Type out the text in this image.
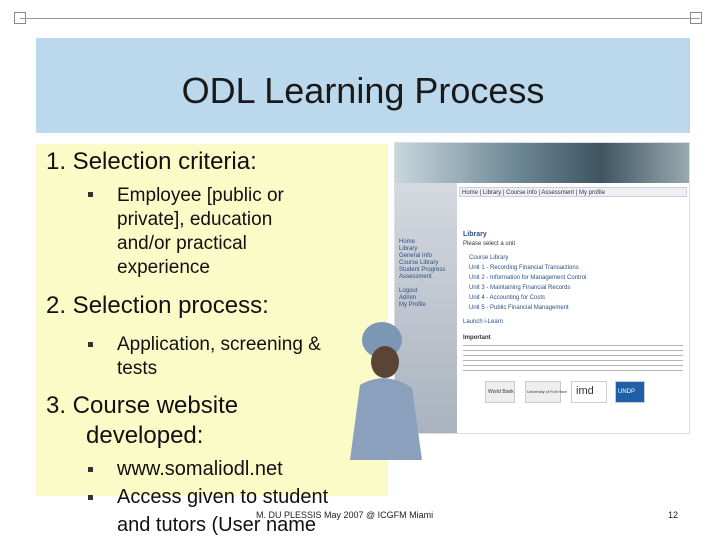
ODL Learning Process
1. Selection criteria:
Employee [public or
private], education
and/or practical
experience
2. Selection process:
Application, screening &
tests
3. Course website
developed:
Home
Library
General Info
Course Library
Student Progress
Assessment
Logout
Admin
My Profile
Home | Library | Course info | Assessment | My profile
Library
Please select a unit
Course Library
Unit 1 - Recording Financial Transactions
Unit 2 - Information for Management Control
Unit 3 - Maintaining Financial Records
Unit 4 - Accounting for Costs
Unit 5 - Public Financial Management
Launch i-Learn
Important
World Bank	University of Fort Hare imd	UNDP
www.somaliodl.net
Access given to student
and tutors (User name
M. DU PLESSIS May 2007 @ ICGFM Miami	12
